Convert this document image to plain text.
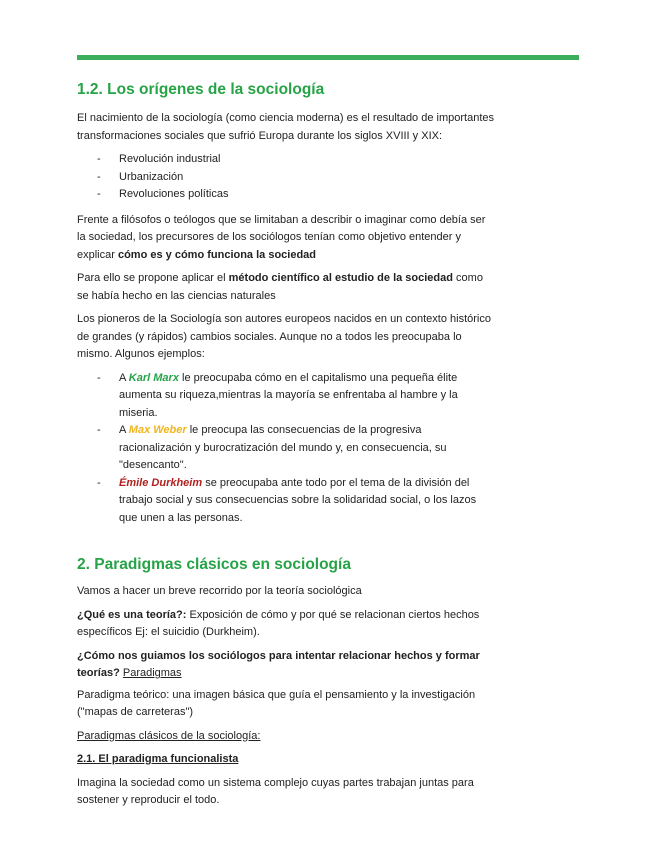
1.2. Los orígenes de la sociología

El nacimiento de la sociología (como ciencia moderna) es el resultado de importantes transformaciones sociales que sufrió Europa durante los siglos XVIII y XIX:

- Revolución industrial
- Urbanización
- Revoluciones políticas

Frente a filósofos o teólogos que se limitaban a describir o imaginar como debía ser la sociedad, los precursores de los sociólogos tenían como objetivo entender y explicar cómo es y cómo funciona la sociedad

Para ello se propone aplicar el método científico al estudio de la sociedad como se había hecho en las ciencias naturales

Los pioneros de la Sociología son autores europeos nacidos en un contexto histórico de grandes (y rápidos) cambios sociales. Aunque no a todos les preocupaba lo mismo. Algunos ejemplos:

- A Karl Marx le preocupaba cómo en el capitalismo una pequeña élite aumenta su riqueza,mientras la mayoría se enfrentaba al hambre y la miseria.
- A Max Weber le preocupa las consecuencias de la progresiva racionalización y burocratización del mundo y, en consecuencia, su "desencanto".
- Émile Durkheim se preocupaba ante todo por el tema de la división del trabajo social y sus consecuencias sobre la solidaridad social, o los lazos que unen a las personas.
2. Paradigmas clásicos en sociología

Vamos a hacer un breve recorrido por la teoría sociológica

¿Qué es una teoría?: Exposición de cómo y por qué se relacionan ciertos hechos específicos Ej: el suicidio (Durkheim).

¿Cómo nos guiamos los sociólogos para intentar relacionar hechos y formar teorías? Paradigmas

Paradigma teórico: una imagen básica que guía el pensamiento y la investigación ("mapas de carreteras")

Paradigmas clásicos de la sociología:

2.1. El paradigma funcionalista

Imagina la sociedad como un sistema complejo cuyas partes trabajan juntas para sostener y reproducir el todo.
